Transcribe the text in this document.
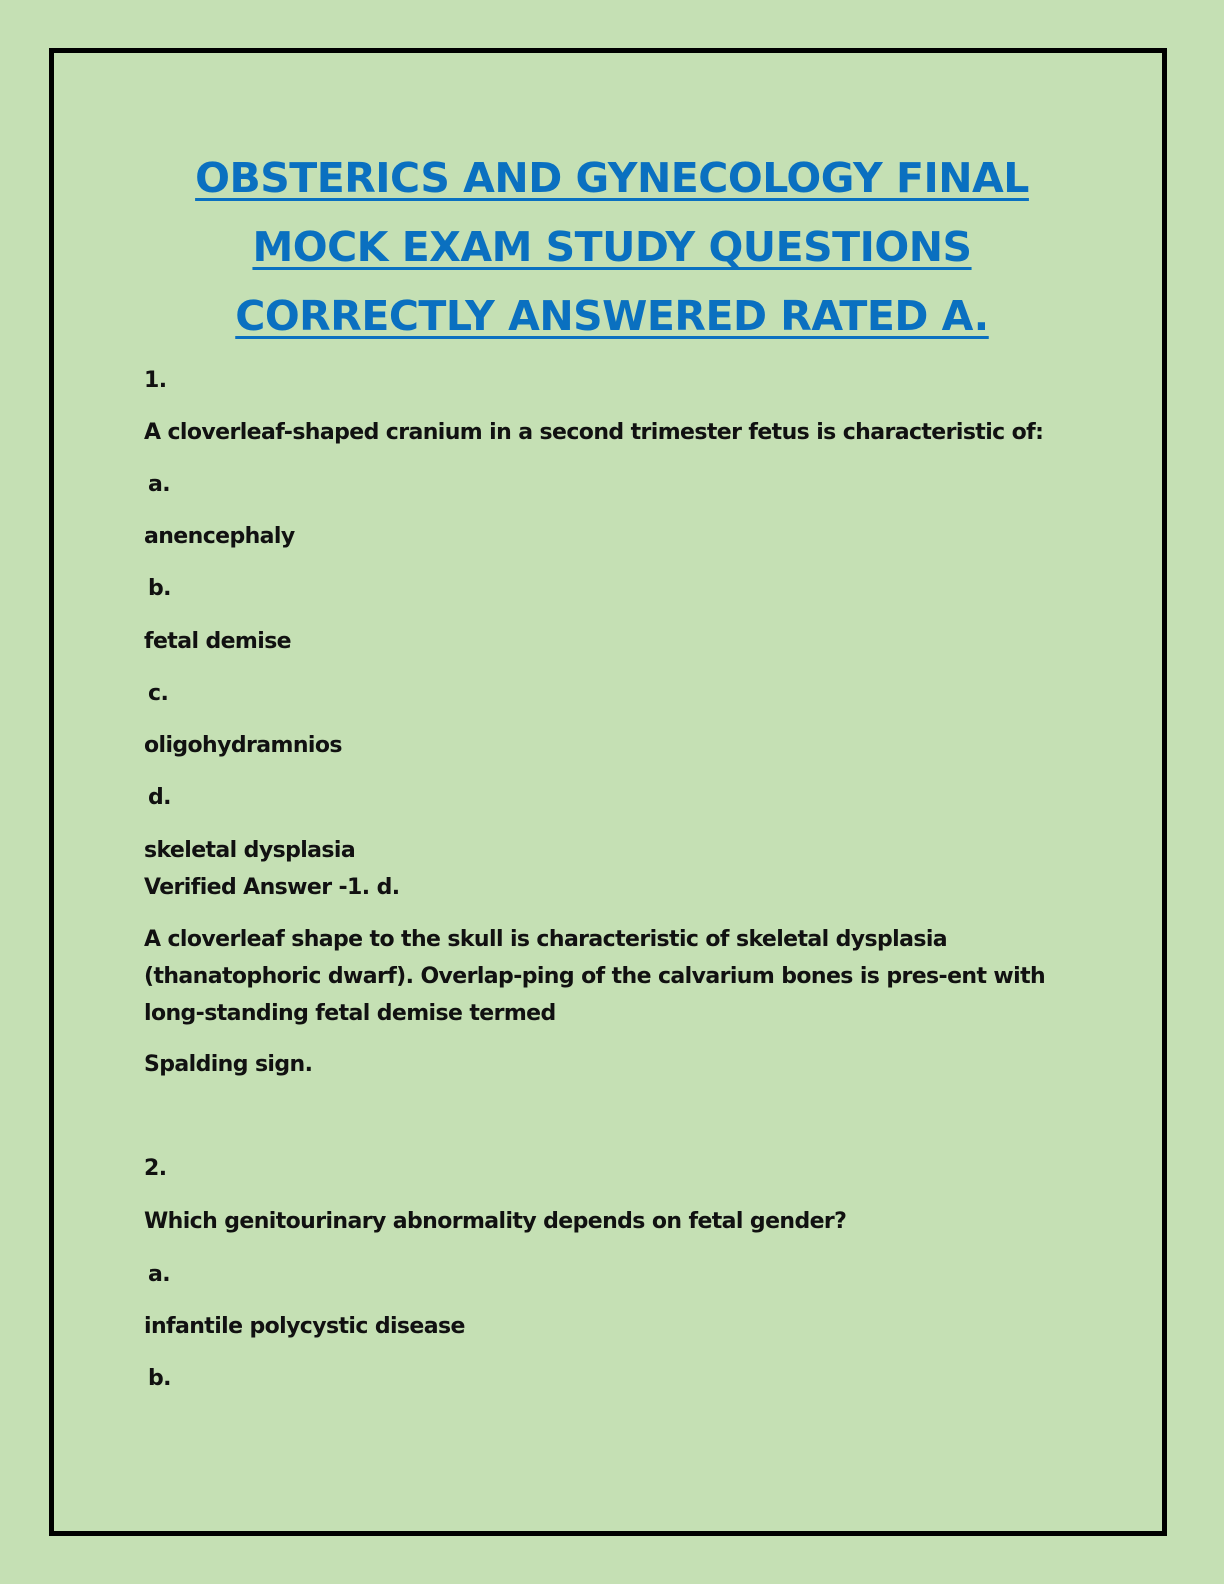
OBSTERICS AND GYNECOLOGY FINAL
MOCK EXAM STUDY QUESTIONS
CORRECTLY ANSWERED RATED A.

1.

A cloverleaf-shaped cranium in a second trimester fetus is characteristic of:

a.

anencephaly

b.

fetal demise

c.

oligohydramnios

d.

skeletal dysplasia

Verified Answer -1. d.

A cloverleaf shape to the skull is characteristic of skeletal dysplasia (thanatophoric dwarf). Overlap-ping of the calvarium bones is pres-ent with long-standing fetal demise termed

Spalding sign.

2.

Which genitourinary abnormality depends on fetal gender?

a.

infantile polycystic disease

b.
